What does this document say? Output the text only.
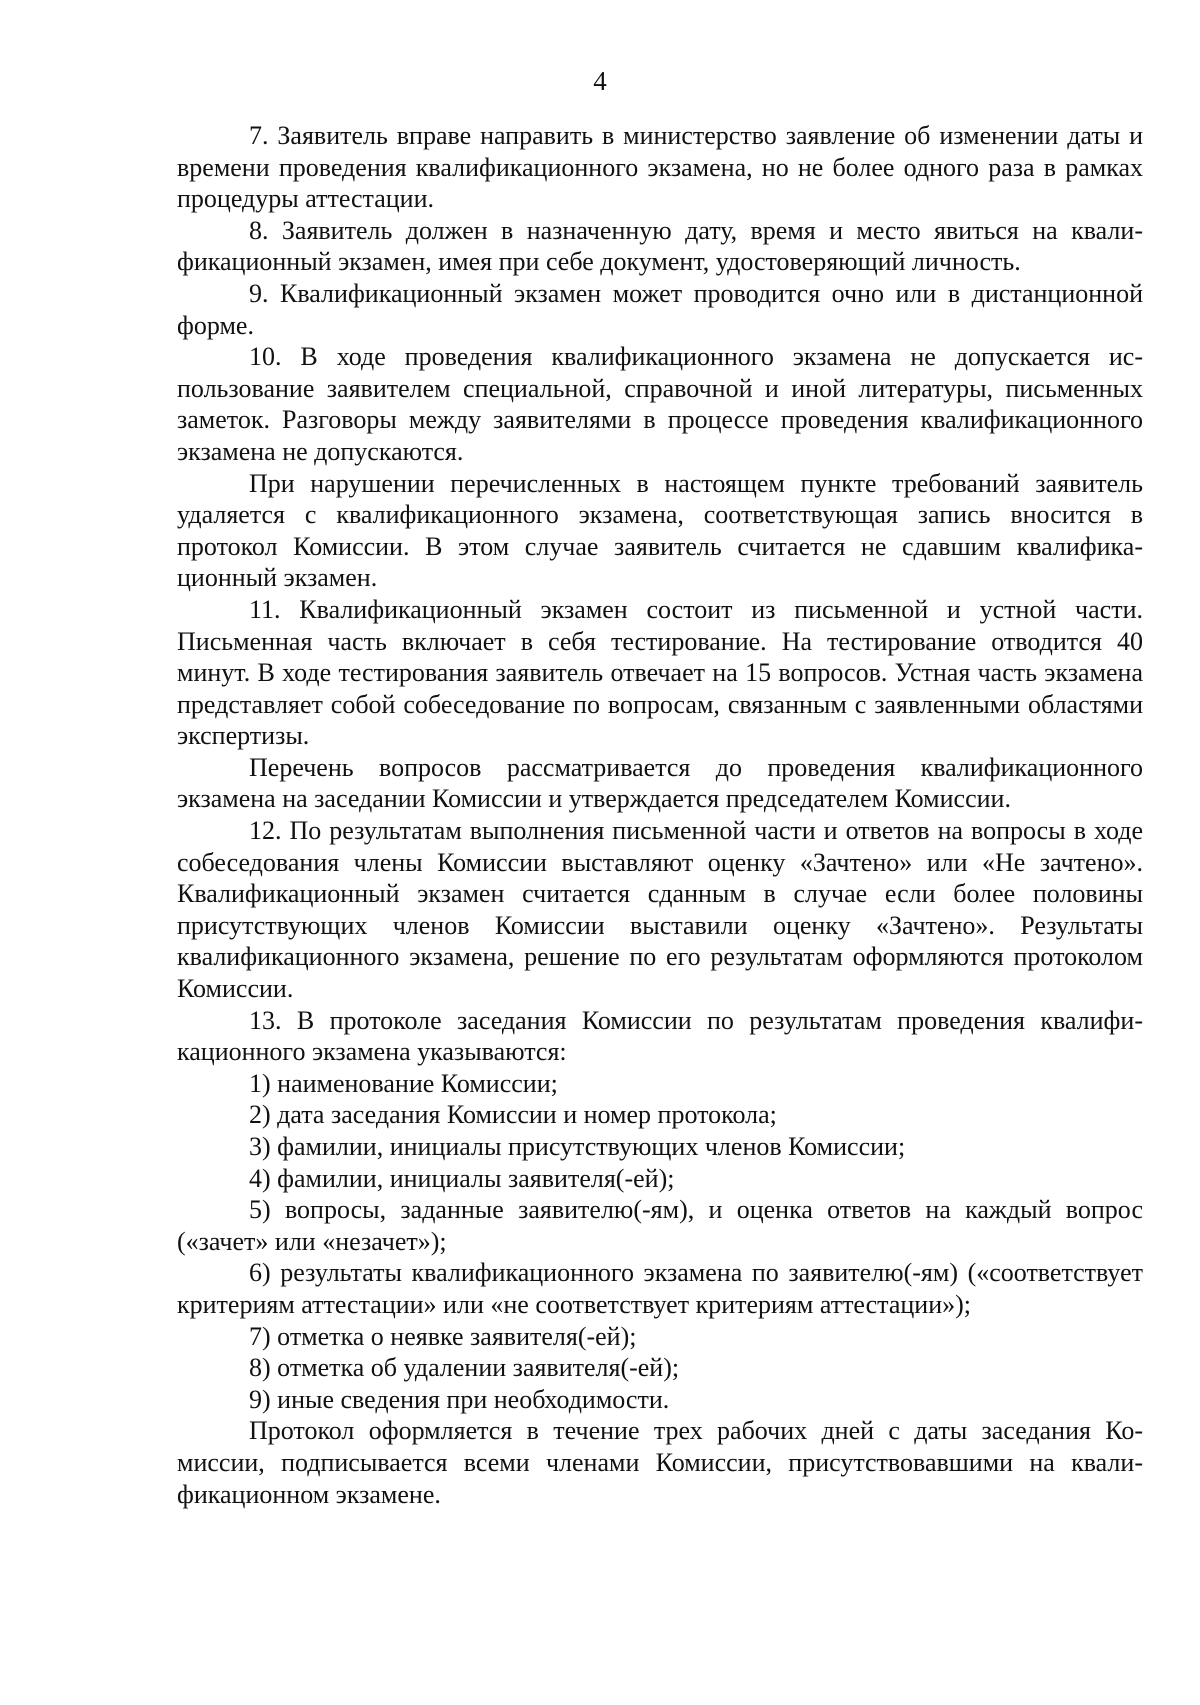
4

7. Заявитель вправе направить в министерство заявление об изменении даты и времени проведения квалификационного экзамена, но не более одного раза в рамках процедуры аттестации.

8. Заявитель должен в назначенную дату, время и место явиться на квалификационный экзамен, имея при себе документ, удостоверяющий личность.

9. Квалификационный экзамен может проводится очно или в дистанционной форме.

10. В ходе проведения квалификационного экзамена не допускается использование заявителем специальной, справочной и иной литературы, письменных заметок. Разговоры между заявителями в процессе проведения квалификационного экзамена не допускаются.

При нарушении перечисленных в настоящем пункте требований заявитель удаляется с квалификационного экзамена, соответствующая запись вносится в протокол Комиссии. В этом случае заявитель считается не сдавшим квалификационный экзамен.

11. Квалификационный экзамен состоит из письменной и устной части. Письменная часть включает в себя тестирование. На тестирование отводится 40 минут. В ходе тестирования заявитель отвечает на 15 вопросов. Устная часть экзамена представляет собой собеседование по вопросам, связанным с заявленными областями экспертизы.

Перечень вопросов рассматривается до проведения квалификационного экзамена на заседании Комиссии и утверждается председателем Комиссии.

12. По результатам выполнения письменной части и ответов на вопросы в ходе собеседования члены Комиссии выставляют оценку «Зачтено» или «Не зачтено». Квалификационный экзамен считается сданным в случае если более половины присутствующих членов Комиссии выставили оценку «Зачтено». Результаты квалификационного экзамена, решение по его результатам оформляются протоколом Комиссии.

13. В протоколе заседания Комиссии по результатам проведения квалификационного экзамена указываются:

1) наименование Комиссии;

2) дата заседания Комиссии и номер протокола;

3) фамилии, инициалы присутствующих членов Комиссии;

4) фамилии, инициалы заявителя(-ей);

5) вопросы, заданные заявителю(-ям), и оценка ответов на каждый вопрос («зачет» или «незачет»);

6) результаты квалификационного экзамена по заявителю(-ям) («соответствует критериям аттестации» или «не соответствует критериям аттестации»);

7) отметка о неявке заявителя(-ей);

8) отметка об удалении заявителя(-ей);

9) иные сведения при необходимости.

Протокол оформляется в течение трех рабочих дней с даты заседания Комиссии, подписывается всеми членами Комиссии, присутствовавшими на квалификационном экзамене.
